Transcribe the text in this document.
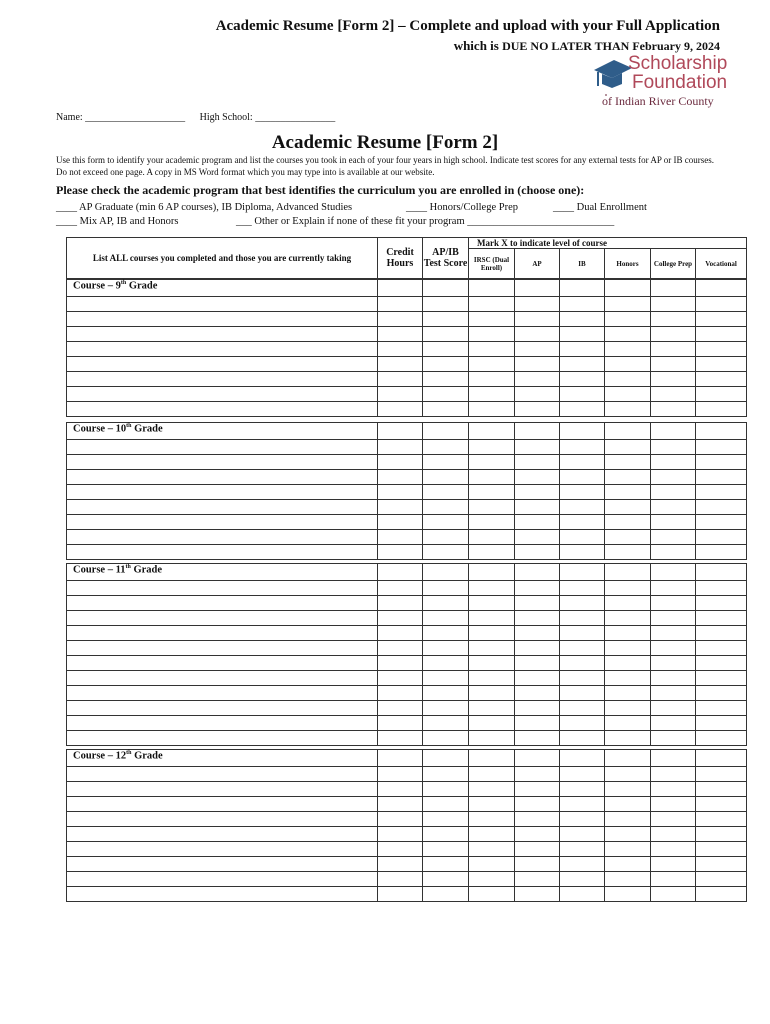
Academic Resume [Form 2] – Complete and upload with your Full Application
which is DUE NO LATER THAN February 9, 2024
Scholarship
Foundation
of Indian River County
Name: ____________________ High School: ________________
Academic Resume [Form 2]
Use this form to identify your academic program and list the courses you took in each of your four years in high school. Indicate test scores for any external tests for AP or IB courses. Do not exceed one page. A copy in MS Word format which you may type into is available at our website.
Please check the academic program that best identifies the curriculum you are enrolled in (choose one):
____ AP Graduate (min 6 AP courses), IB Diploma, Advanced Studies	____ Honors/College Prep	____ Dual Enrollment
____ Mix AP, IB and Honors	___ Other or Explain if none of these fit your program ____________________________
List ALL courses you completed and those you are currently taking	Credit Hours	AP/IB Test Score	Mark X to indicate level of course					
			IRSC (Dual Enroll)	AP	IB	Honors	College Prep	Vocational
Course – 9th Grade								

Course – 10th Grade								

Course – 11th Grade								

Course – 12th Grade								
